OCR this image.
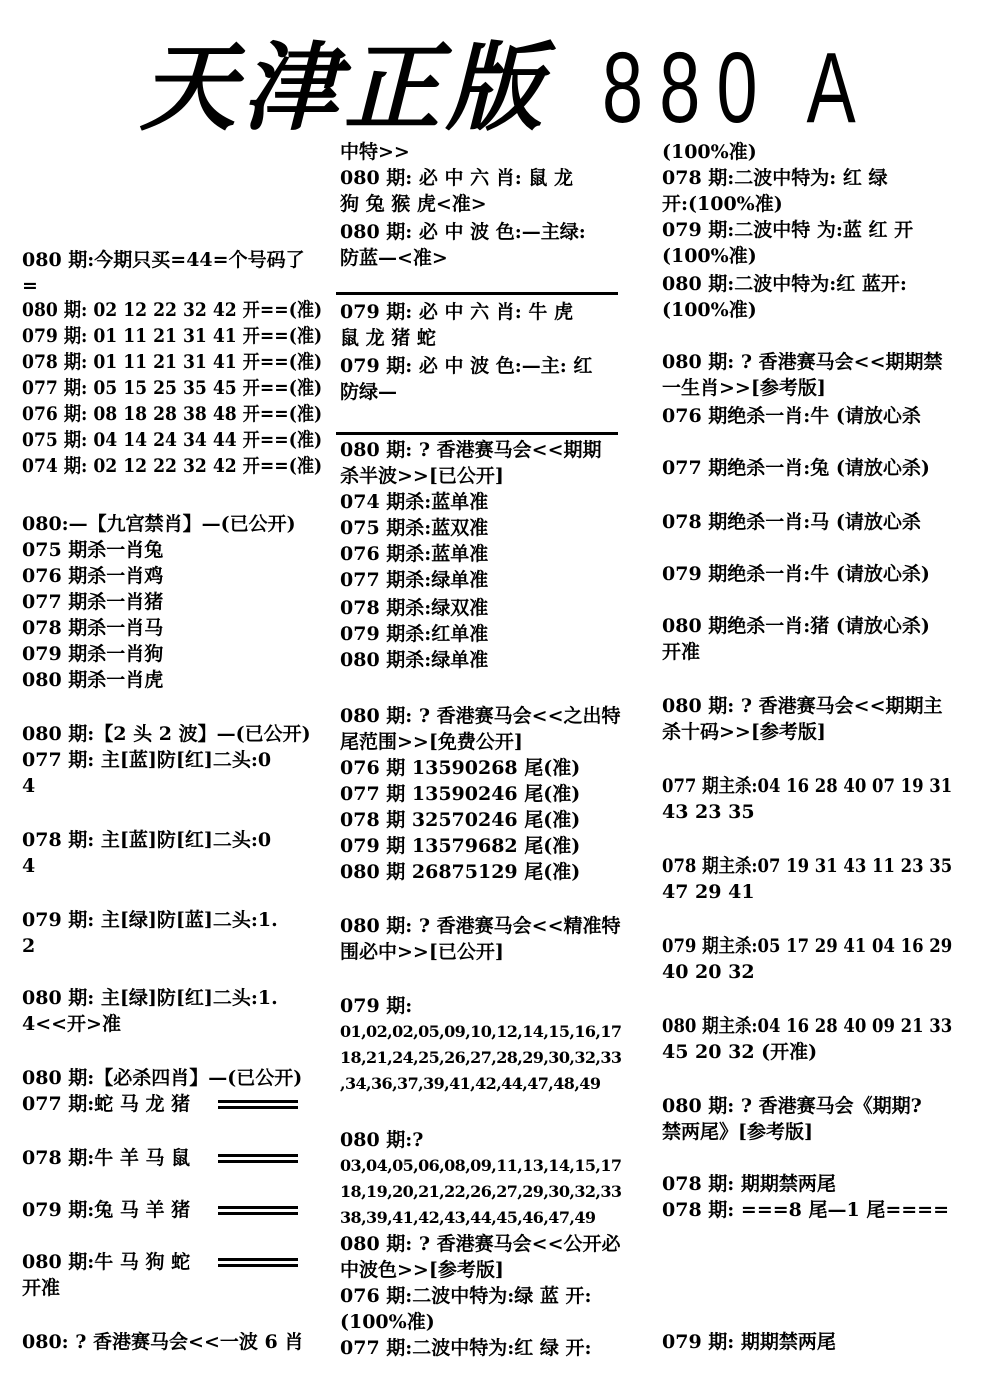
天津正版 880 A
080 期:今期只买=44=个号码了
=
080 期: 02 12 22 32 42 开==(准)
079 期: 01 11 21 31 41 开==(准)
078 期: 01 11 21 31 41 开==(准)
077 期: 05 15 25 35 45 开==(准)
076 期: 08 18 28 38 48 开==(准)
075 期: 04 14 24 34 44 开==(准)
074 期: 02 12 22 32 42 开==(准)
080:—【九宫禁肖】—(已公开)
075 期杀一肖兔
076 期杀一肖鸡
077 期杀一肖猪
078 期杀一肖马
079 期杀一肖狗
080 期杀一肖虎
080 期:【2 头 2 波】—(已公开)
077 期: 主[蓝]防[红]二头:0
4
078 期: 主[蓝]防[红]二头:0
4
079 期: 主[绿]防[蓝]二头:1.
2
080 期: 主[绿]防[红]二头:1.
4<<开>准
080 期:【必杀四肖】—(已公开)
077 期:蛇 马 龙 猪
078 期:牛 羊 马 鼠
079 期:兔 马 羊 猪
080 期:牛 马 狗 蛇
开准
080: ? 香港赛马会<<一波 6 肖
中特>>
080 期: 必 中 六 肖: 鼠 龙
狗 兔 猴 虎<准>
080 期: 必 中 波 色:—主绿:
防蓝—<准>
079 期: 必 中 六 肖: 牛 虎
鼠 龙 猪 蛇
079 期: 必 中 波 色:—主: 红
防绿—
080 期: ? 香港赛马会<<期期
杀半波>>[已公开]
074 期杀:蓝单准
075 期杀:蓝双准
076 期杀:蓝单准
077 期杀:绿单准
078 期杀:绿双准
079 期杀:红单准
080 期杀:绿单准
080 期: ? 香港赛马会<<之出特
尾范围>>[免费公开]
076 期 13590268 尾(准)
077 期 13590246 尾(准)
078 期 32570246 尾(准)
079 期 13579682 尾(准)
080 期 26875129 尾(准)
080 期: ? 香港赛马会<<精准特
围必中>>[已公开]
079 期:
01,02,02,05,09,10,12,14,15,16,17
18,21,24,25,26,27,28,29,30,32,33
,34,36,37,39,41,42,44,47,48,49
080 期:?
03,04,05,06,08,09,11,13,14,15,17
18,19,20,21,22,26,27,29,30,32,33
38,39,41,42,43,44,45,46,47,49
080 期: ? 香港赛马会<<公开必
中波色>>[参考版]
076 期:二波中特为:绿 蓝 开:
(100%准)
077 期:二波中特为:红 绿 开:
(100%准)
078 期:二波中特为: 红 绿
开:(100%准)
079 期:二波中特 为:蓝 红 开
(100%准)
080 期:二波中特为:红 蓝开:
(100%准)
080 期: ? 香港赛马会<<期期禁
一生肖>>[参考版]
076 期绝杀一肖:牛 (请放心杀
077 期绝杀一肖:兔 (请放心杀)
078 期绝杀一肖:马 (请放心杀
079 期绝杀一肖:牛 (请放心杀)
080 期绝杀一肖:猪 (请放心杀)
开准
080 期: ? 香港赛马会<<期期主
杀十码>>[参考版]
077 期主杀:04 16 28 40 07 19 31
43 23 35
078 期主杀:07 19 31 43 11 23 35
47 29 41
079 期主杀:05 17 29 41 04 16 29
40 20 32
080 期主杀:04 16 28 40 09 21 33
45 20 32 (开准)
080 期: ? 香港赛马会《期期?
禁两尾》[参考版]
078 期: 期期禁两尾
078 期: ===8 尾—1 尾====
079 期: 期期禁两尾
